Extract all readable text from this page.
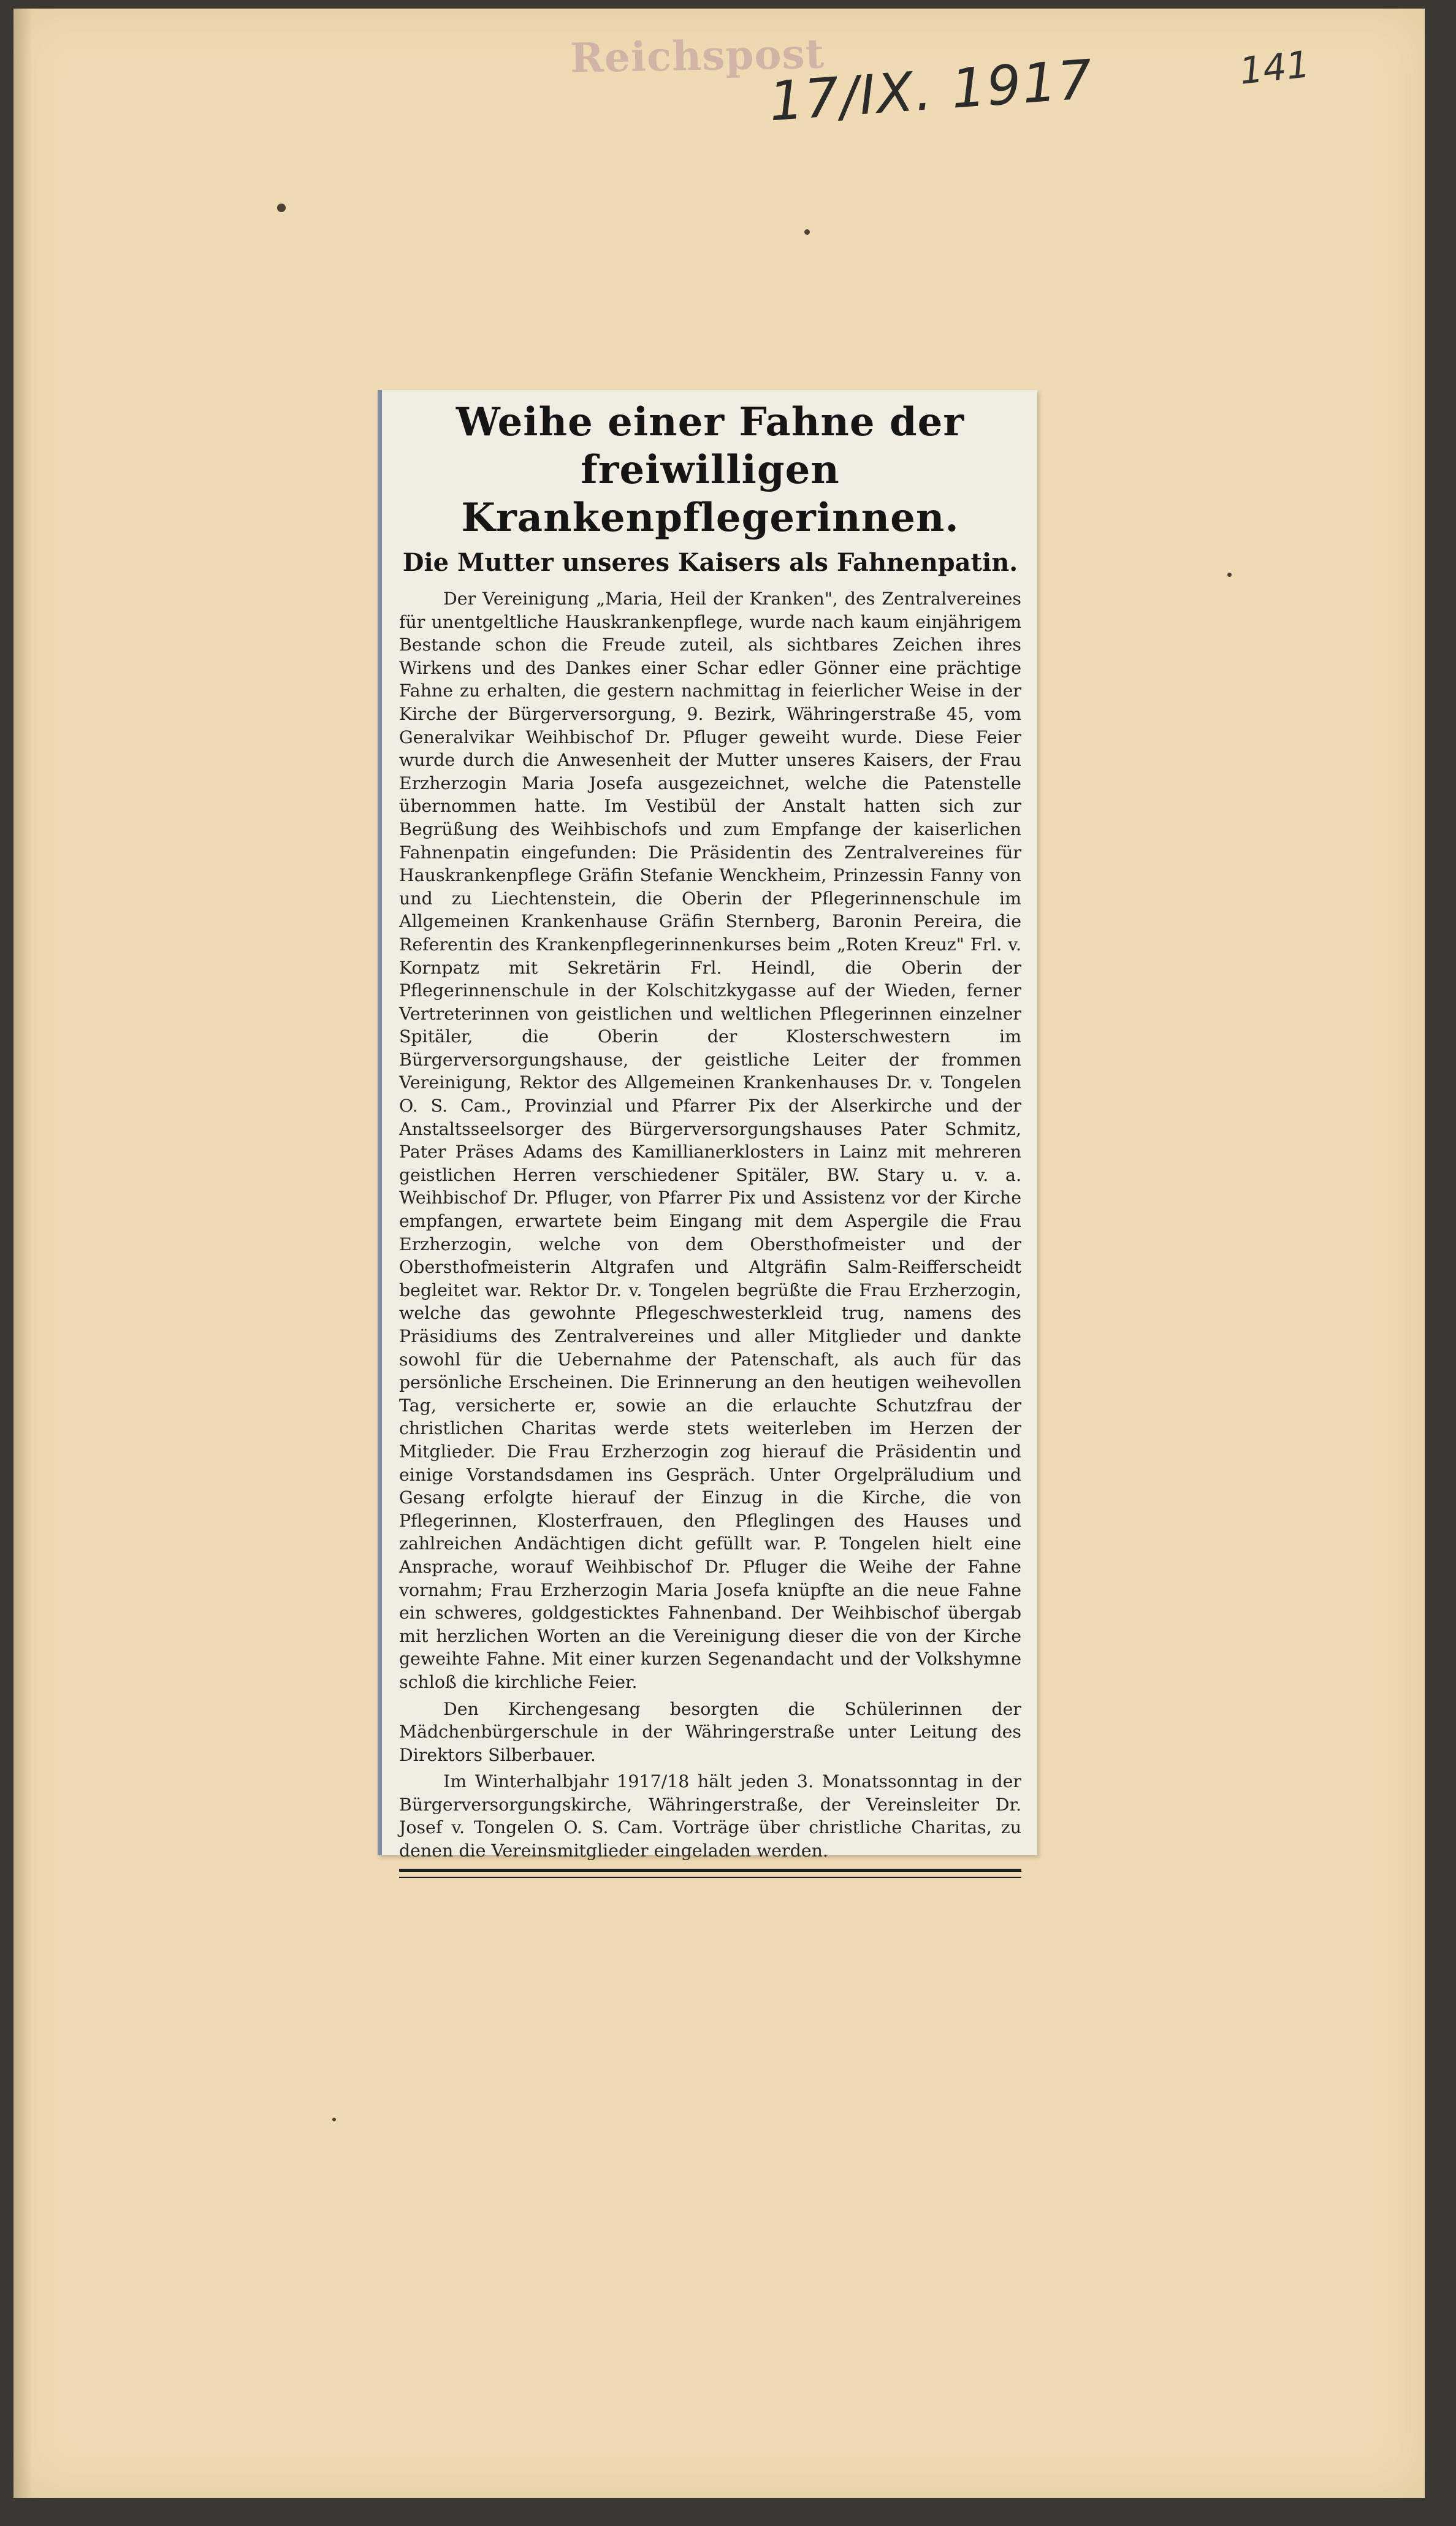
Reichspost
17/IX. 1917	141
Weihe einer Fahne der freiwilligen Krankenpflegerinnen.
Die Mutter unseres Kaisers als Fahnenpatin.

Der Vereinigung „Maria, Heil der Kranken", des Zentralvereines für unentgeltliche Hauskrankenpflege, wurde nach kaum einjährigem Bestande schon die Freude zuteil, als sichtbares Zeichen ihres Wirkens und des Dankes einer Schar edler Gönner eine prächtige Fahne zu erhalten, die gestern nachmittag in feierlicher Weise in der Kirche der Bürgerversorgung, 9. Bezirk, Währingerstraße 45, vom Generalvikar Weihbischof Dr. Pfluger geweiht wurde. Diese Feier wurde durch die Anwesenheit der Mutter unseres Kaisers, der Frau Erzherzogin Maria Josefa ausgezeichnet, welche die Patenstelle übernommen hatte. Im Vestibül der Anstalt hatten sich zur Begrüßung des Weihbischofs und zum Empfange der kaiserlichen Fahnenpatin eingefunden: Die Präsidentin des Zentralvereines für Hauskrankenpflege Gräfin Stefanie Wenckheim, Prinzessin Fanny von und zu Liechtenstein, die Oberin der Pflegerinnenschule im Allgemeinen Krankenhause Gräfin Sternberg, Baronin Pereira, die Referentin des Krankenpflegerinnenkurses beim „Roten Kreuz" Frl. v. Kornpatz mit Sekretärin Frl. Heindl, die Oberin der Pflegerinnenschule in der Kolschitzkygasse auf der Wieden, ferner Vertreterinnen von geistlichen und weltlichen Pflegerinnen einzelner Spitäler, die Oberin der Klosterschwestern im Bürgerversorgungshause, der geistliche Leiter der frommen Vereinigung, Rektor des Allgemeinen Krankenhauses Dr. v. Tongelen O. S. Cam., Provinzial und Pfarrer Pix der Alserkirche und der Anstaltsseelsorger des Bürgerversorgungshauses Pater Schmitz, Pater Präses Adams des Kamillianerklosters in Lainz mit mehreren geistlichen Herren verschiedener Spitäler, BW. Stary u. v. a. Weihbischof Dr. Pfluger, von Pfarrer Pix und Assistenz vor der Kirche empfangen, erwartete beim Eingang mit dem Aspergile die Frau Erzherzogin, welche von dem Obersthofmeister und der Obersthofmeisterin Altgrafen und Altgräfin Salm-Reifferscheidt begleitet war. Rektor Dr. v. Tongelen begrüßte die Frau Erzherzogin, welche das gewohnte Pflegeschwesterkleid trug, namens des Präsidiums des Zentralvereines und aller Mitglieder und dankte sowohl für die Uebernahme der Patenschaft, als auch für das persönliche Erscheinen. Die Erinnerung an den heutigen weihevollen Tag, versicherte er, sowie an die erlauchte Schutzfrau der christlichen Charitas werde stets weiterleben im Herzen der Mitglieder. Die Frau Erzherzogin zog hierauf die Präsidentin und einige Vorstandsdamen ins Gespräch. Unter Orgelpräludium und Gesang erfolgte hierauf der Einzug in die Kirche, die von Pflegerinnen, Klosterfrauen, den Pfleglingen des Hauses und zahlreichen Andächtigen dicht gefüllt war. P. Tongelen hielt eine Ansprache, worauf Weihbischof Dr. Pfluger die Weihe der Fahne vornahm; Frau Erzherzogin Maria Josefa knüpfte an die neue Fahne ein schweres, goldgesticktes Fahnenband. Der Weihbischof übergab mit herzlichen Worten an die Vereinigung dieser die von der Kirche geweihte Fahne. Mit einer kurzen Segenandacht und der Volkshymne schloß die kirchliche Feier.

Den Kirchengesang besorgten die Schülerinnen der Mädchenbürgerschule in der Währingerstraße unter Leitung des Direktors Silberbauer.

Im Winterhalbjahr 1917/18 hält jeden 3. Monatssonntag in der Bürgerversorgungskirche, Währingerstraße, der Vereinsleiter Dr. Josef v. Tongelen O. S. Cam. Vorträge über christliche Charitas, zu denen die Vereinsmitglieder eingeladen werden.
